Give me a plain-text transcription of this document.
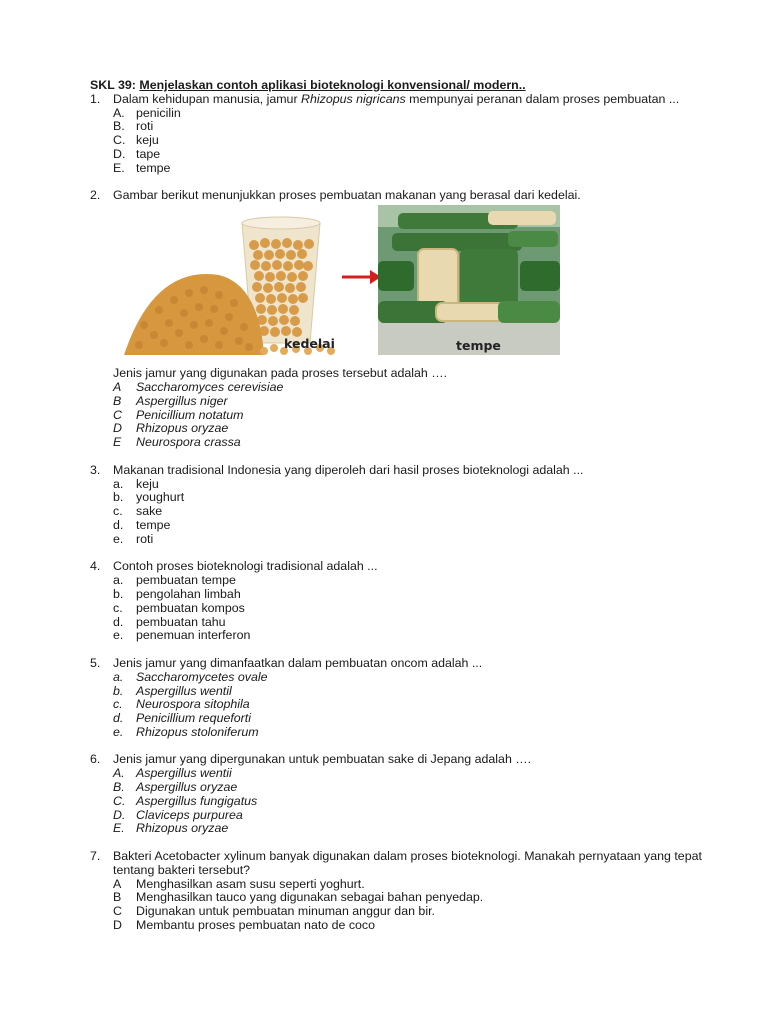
SKL 39: Menjelaskan contoh aplikasi bioteknologi konvensional/ modern..

1.	Dalam kehidupan manusia, jamur Rhizopus nigricans mempunyai peranan dalam proses pembuatan ...

A. penicilin
B. roti
C. keju
D. tape
E. tempe
2.	Gambar berikut menunjukkan proses pembuatan makanan yang berasal dari kedelai.

kedelai	tempe

Jenis jamur yang digunakan pada proses tersebut adalah ….

A Saccharomyces cerevisiae
B Aspergillus niger
C Penicillium notatum
D Rhizopus oryzae
E Neurospora crassa
3.	Makanan tradisional Indonesia yang diperoleh dari hasil proses bioteknologi adalah ...

a. keju
b. youghurt
c. sake
d. tempe
e. roti
4.	Contoh proses bioteknologi tradisional adalah ...

a. pembuatan tempe
b. pengolahan limbah
c. pembuatan kompos
d. pembuatan tahu
e. penemuan interferon
5.	Jenis jamur yang dimanfaatkan dalam pembuatan oncom adalah ...

a. Saccharomycetes ovale
b. Aspergillus wentil
c. Neurospora sitophila
d. Penicillium requeforti
e. Rhizopus stoloniferum
6.	Jenis jamur yang dipergunakan untuk pembuatan sake di Jepang adalah ….

A. Aspergillus wentii
B. Aspergillus oryzae
C. Aspergillus fungigatus
D. Claviceps purpurea
E. Rhizopus oryzae
7.	Bakteri Acetobacter xylinum banyak digunakan dalam proses bioteknologi. Manakah pernyataan yang tepat tentang bakteri tersebut?

A Menghasilkan asam susu seperti yoghurt.
B Menghasilkan tauco yang digunakan sebagai bahan penyedap.
C Digunakan untuk pembuatan minuman anggur dan bir.
D Membantu proses pembuatan nato de coco
